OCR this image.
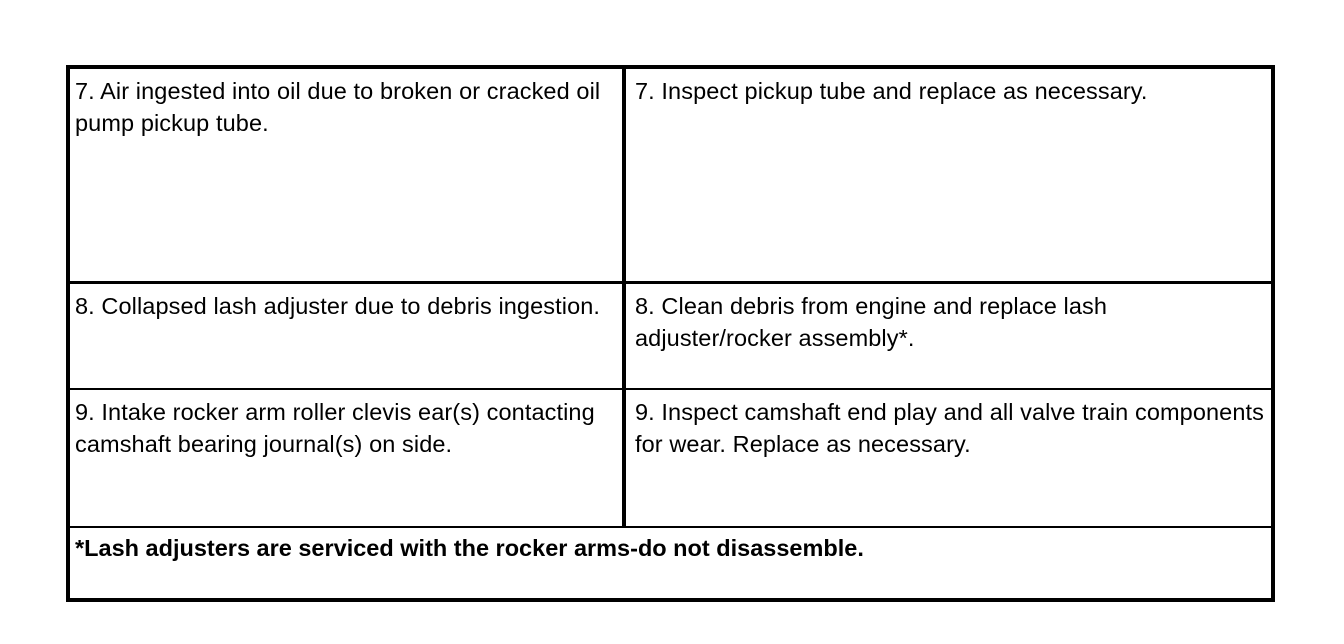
7. Air ingested into oil due to broken or cracked oil pump pickup tube.
7. Inspect pickup tube and replace as necessary.
8. Collapsed lash adjuster due to debris ingestion.	8. Clean debris from engine and replace lash adjuster/rocker assembly*.
9. Intake rocker arm roller clevis ear(s) contacting camshaft bearing journal(s) on side.
9. Inspect camshaft end play and all valve train components for wear. Replace as necessary.
*Lash adjusters are serviced with the rocker arms-do not disassemble.
